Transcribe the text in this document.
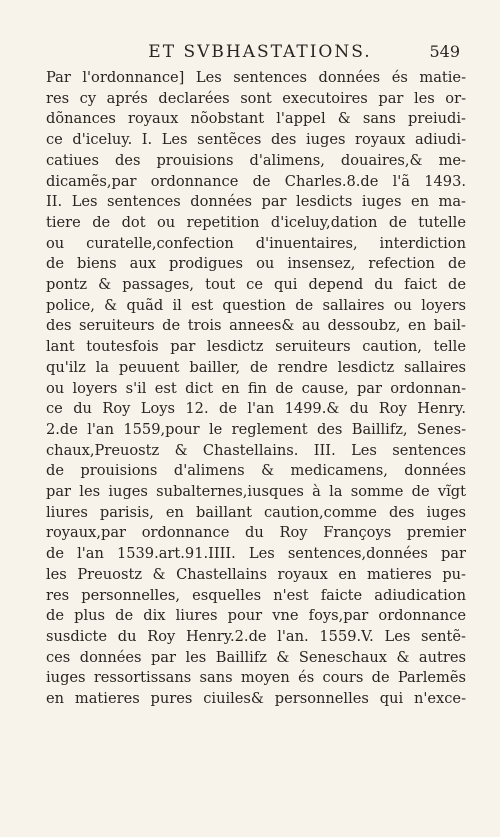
ET SVBHASTATIONS.	549
Par l'ordonnance] Les sentences données és matie-
res cy aprés declarées sont executoires par les or-
dõnances royaux nõobstant l'appel & sans preiudi-
ce d'iceluy. I. Les sentẽces des iuges royaux adiudi-
catiues des prouisions d'alimens, douaires,& me-
dicamẽs,par ordonnance de Charles.8.de l'ã 1493.
II. Les sentences données par lesdicts iuges en ma-
tiere de dot ou repetition d'iceluy,dation de tutelle
ou curatelle,confection d'inuentaires, interdiction
de biens aux prodigues ou insensez, refection de
pontz & passages, tout ce qui depend du faict de
police, & quãd il est question de sallaires ou loyers
des seruiteurs de trois annees& au dessoubz, en bail-
lant toutesfois par lesdictz seruiteurs caution, telle
qu'ilz la peuuent bailler, de rendre lesdictz sallaires
ou loyers s'il est dict en fin de cause, par ordonnan-
ce du Roy Loys 12. de l'an 1499.& du Roy Henry.
2.de l'an 1559,pour le reglement des Baillifz, Senes-
chaux,Preuostz & Chastellains. III. Les sentences
de prouisions d'alimens & medicamens, données
par les iuges subalternes,iusques à la somme de vĩgt
liures parisis, en baillant caution,comme des iuges
royaux,par ordonnance du Roy Françoys premier
de l'an 1539.art.91.IIII. Les sentences,données par
les Preuostz & Chastellains royaux en matieres pu-
res personnelles, esquelles n'est faicte adiudication
de plus de dix liures pour vne foys,par ordonnance
susdicte du Roy Henry.2.de l'an. 1559.V. Les sentẽ-
ces données par les Baillifz & Seneschaux & autres
iuges ressortissans sans moyen és cours de Parlemẽs
en matieres pures ciuiles& personnelles qui n'exce-
